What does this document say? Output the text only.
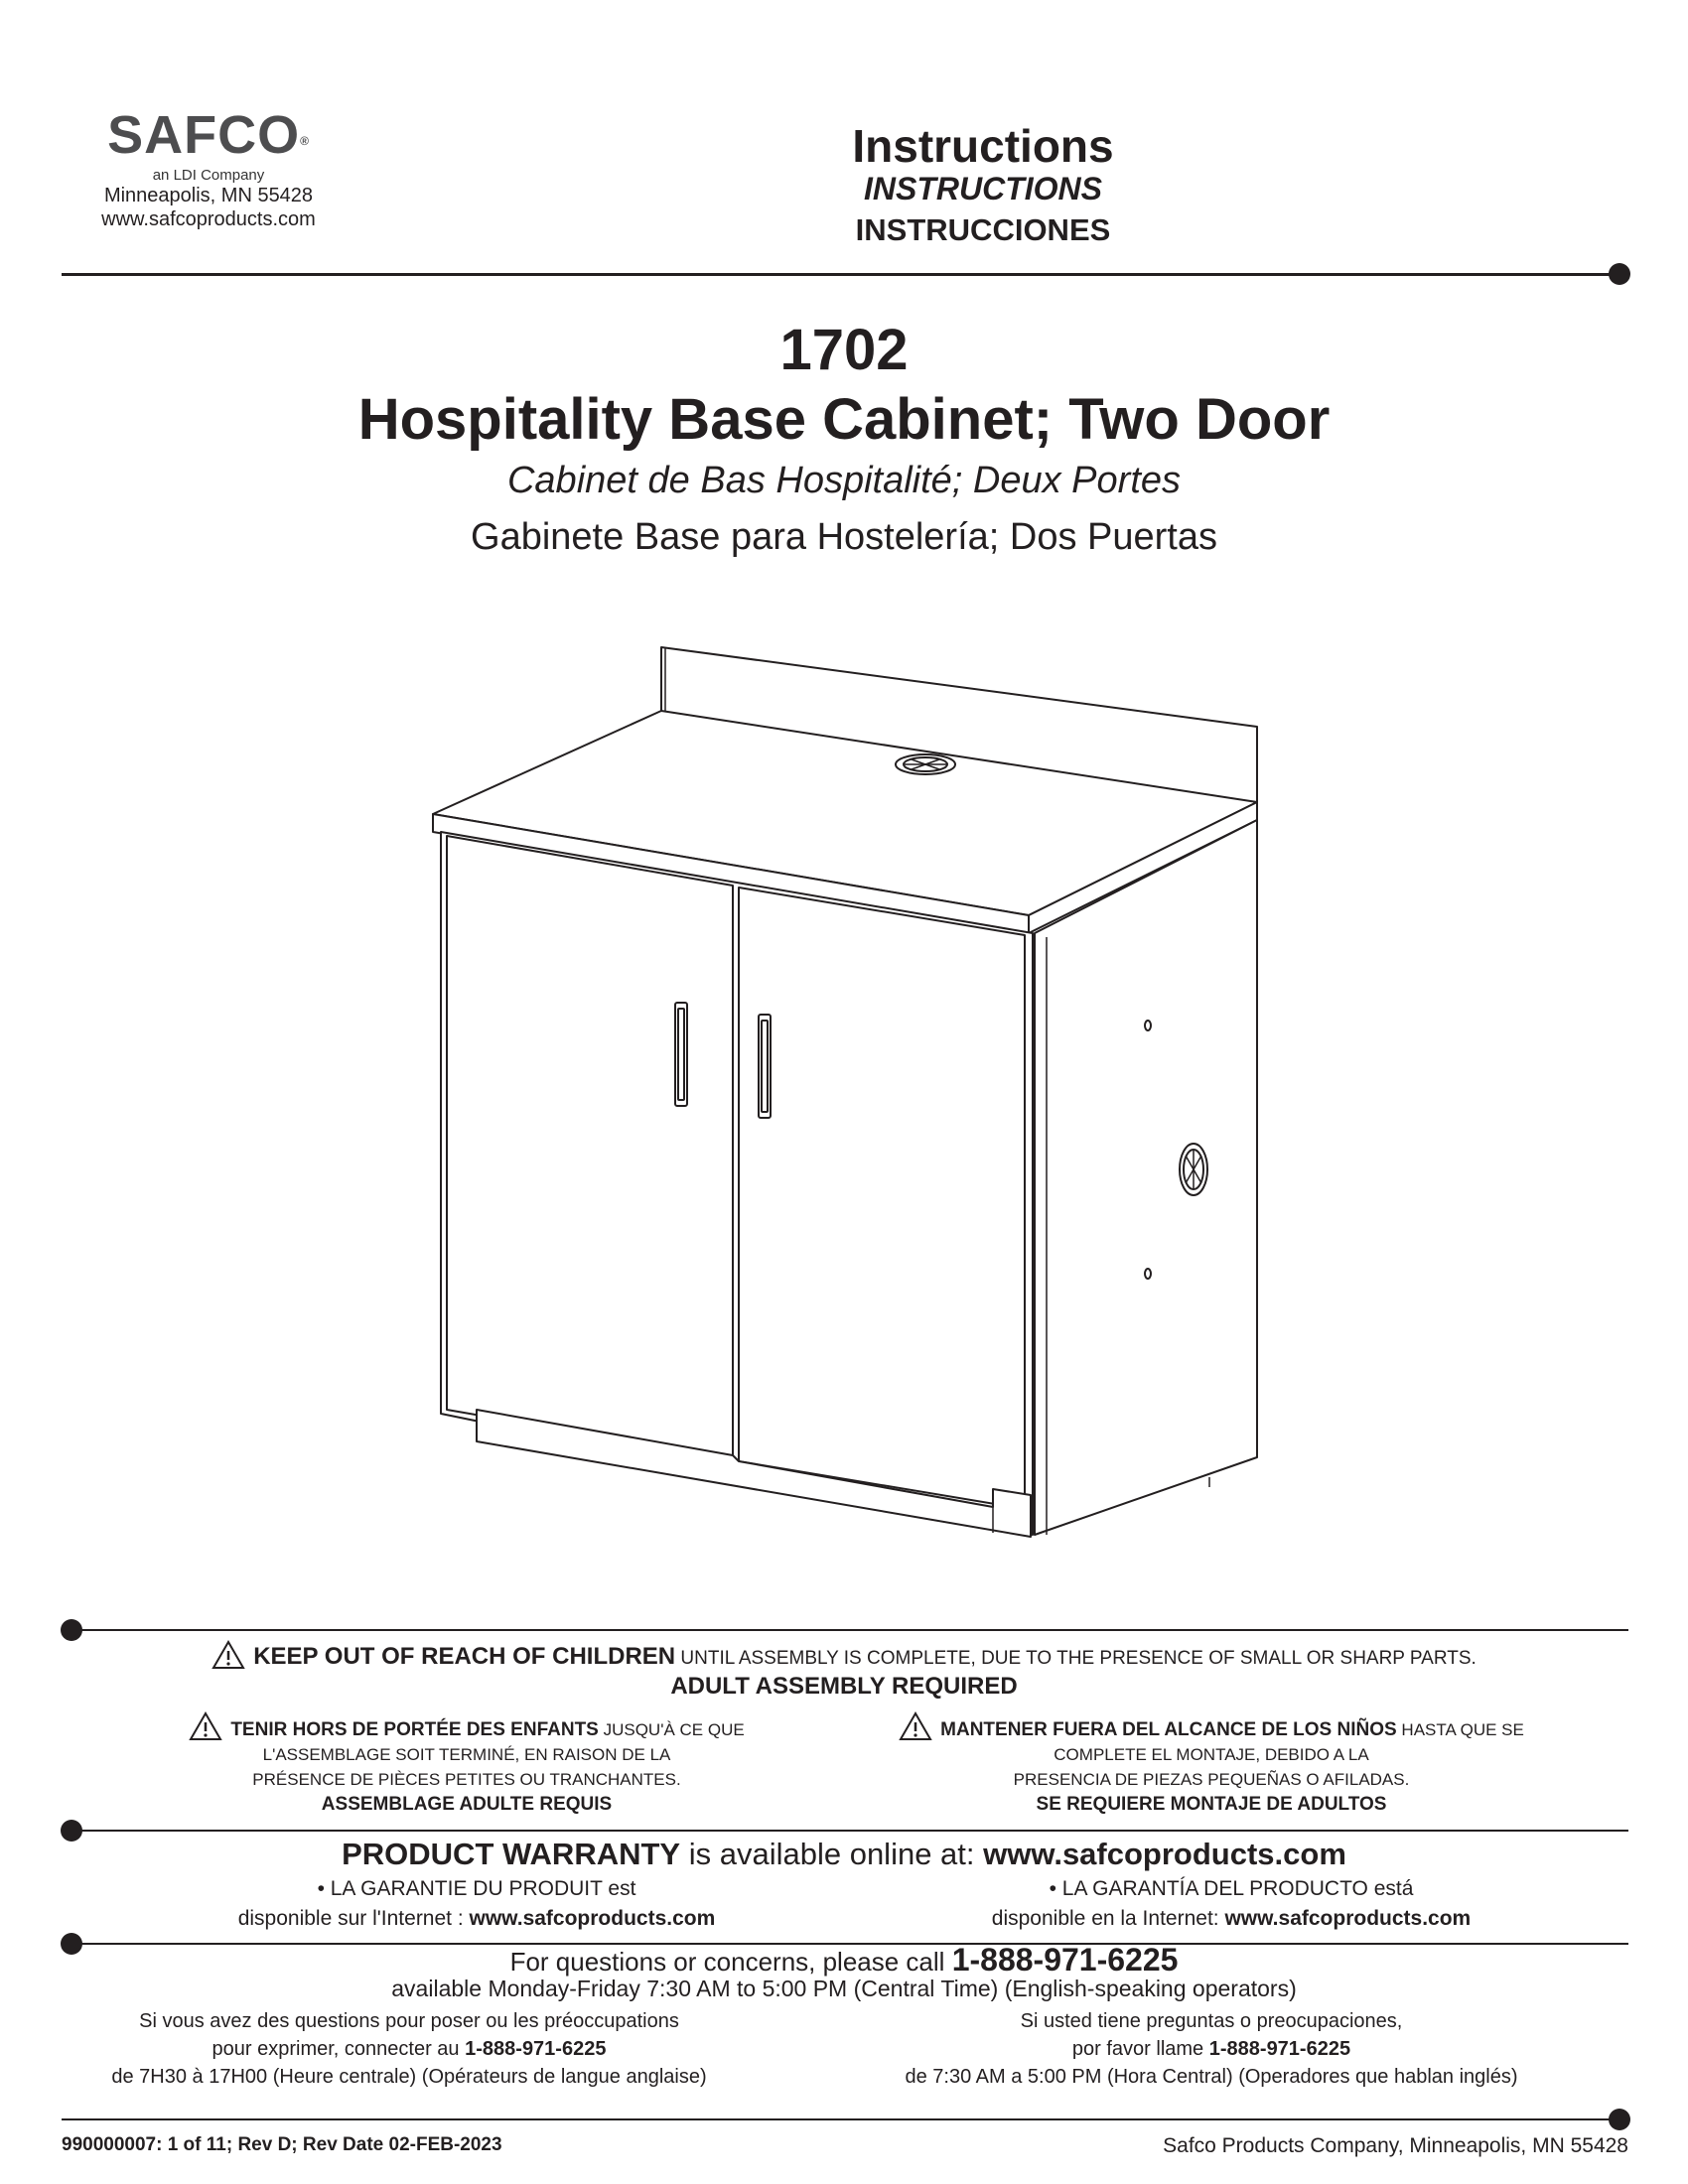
SAFCO®
an LDI Company
Minneapolis, MN 55428
www.safcoproducts.com
Instructions
INSTRUCTIONS
INSTRUCCIONES
1702
Hospitality Base Cabinet; Two Door
Cabinet de Bas Hospitalité; Deux Portes
Gabinete Base para Hostelería; Dos Puertas
KEEP OUT OF REACH OF CHILDREN UNTIL ASSEMBLY IS COMPLETE, DUE TO THE PRESENCE OF SMALL OR SHARP PARTS.
ADULT ASSEMBLY REQUIRED
TENIR HORS DE PORTÉE DES ENFANTS JUSQU'À CE QUE
L'ASSEMBLAGE SOIT TERMINÉ, EN RAISON DE LA
PRÉSENCE DE PIÈCES PETITES OU TRANCHANTES.
ASSEMBLAGE ADULTE REQUIS
MANTENER FUERA DEL ALCANCE DE LOS NIÑOS HASTA QUE SE
COMPLETE EL MONTAJE, DEBIDO A LA
PRESENCIA DE PIEZAS PEQUEÑAS O AFILADAS.
SE REQUIERE MONTAJE DE ADULTOS
PRODUCT WARRANTY is available online at: www.safcoproducts.com
• LA GARANTIE DU PRODUIT est
disponible sur l'Internet : www.safcoproducts.com
• LA GARANTÍA DEL PRODUCTO está
disponible en la Internet: www.safcoproducts.com
For questions or concerns, please call 1-888-971-6225
available Monday-Friday 7:30 AM to 5:00 PM (Central Time) (English-speaking operators)
Si vous avez des questions pour poser ou les préoccupations
pour exprimer, connecter au 1-888-971-6225
de 7H30 à 17H00 (Heure centrale) (Opérateurs de langue anglaise)
Si usted tiene preguntas o preocupaciones,
por favor llame 1-888-971-6225
de 7:30 AM a 5:00 PM (Hora Central) (Operadores que hablan inglés)
990000007: 1 of 11; Rev D; Rev Date 02-FEB-2023	Safco Products Company, Minneapolis, MN 55428
